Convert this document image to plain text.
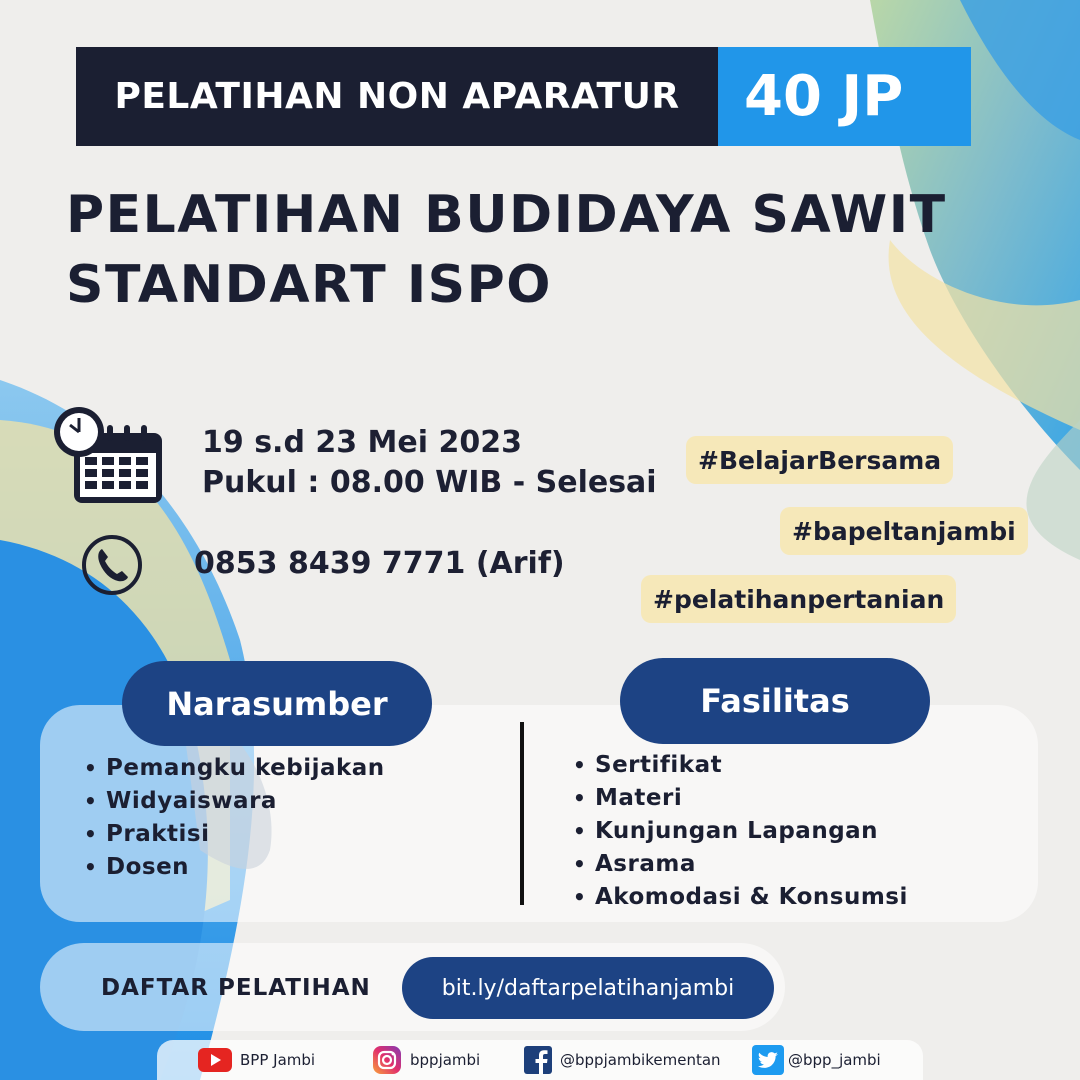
PELATIHAN NON APARATUR 40 JP
PELATIHAN BUDIDAYA SAWIT
STANDART ISPO
19 s.d 23 Mei 2023
Pukul : 08.00 WIB - Selesai
0853 8439 7771 (Arif)
#BelajarBersama
#bapeltanjambi
#pelatihanpertanian
Narasumber	Fasilitas
• Pemangku kebijakan
• Widyaiswara
• Praktisi
• Dosen
• Sertifikat
• Materi
• Kunjungan Lapangan
• Asrama
• Akomodasi & Konsumsi
DAFTAR PELATIHAN	bit.ly/daftarpelatihanjambi
BPP Jambi	bppjambi	@bppjambikementan	@bpp_jambi
